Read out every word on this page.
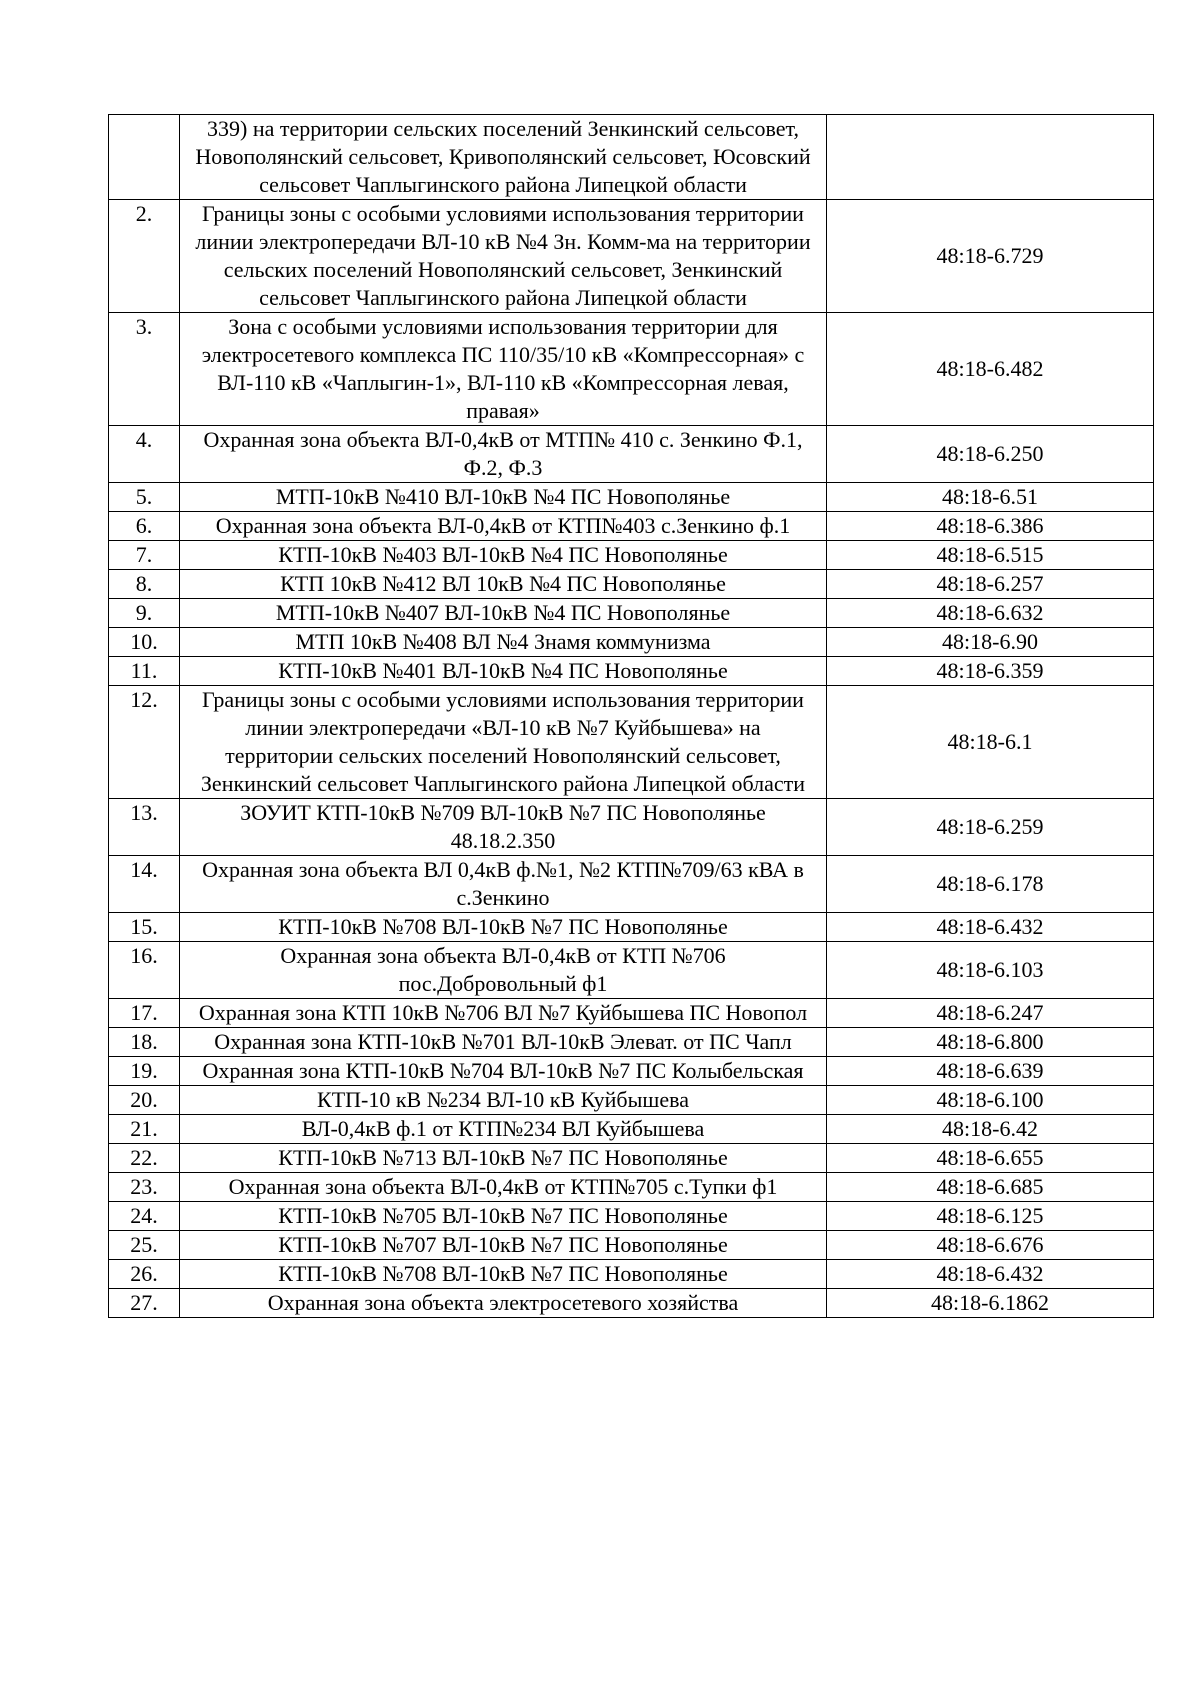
	339) на территории сельских поселений Зенкинский сельсовет, Новополянский сельсовет, Кривополянский сельсовет, Юсовский сельсовет Чаплыгинского района Липецкой области	
2.	Границы зоны с особыми условиями использования территории линии электропередачи ВЛ-10 кВ №4 Зн. Комм-ма на территории сельских поселений Новополянский сельсовет, Зенкинский сельсовет Чаплыгинского района Липецкой области	48:18-6.729
3.	Зона с особыми условиями использования территории для электросетевого комплекса ПС 110/35/10 кВ «Компрессорная» с ВЛ-110 кВ «Чаплыгин-1», ВЛ-110 кВ «Компрессорная левая, правая»	48:18-6.482
4.	Охранная зона объекта ВЛ-0,4кВ от МТП№ 410 с. Зенкино Ф.1, Ф.2, Ф.3	48:18-6.250
5.	МТП-10кВ №410 ВЛ-10кВ №4 ПС Новополянье	48:18-6.51
6.	Охранная зона объекта ВЛ-0,4кВ от КТП№403 с.Зенкино ф.1	48:18-6.386
7.	КТП-10кВ №403 ВЛ-10кВ №4 ПС Новополянье	48:18-6.515
8.	КТП 10кВ №412 ВЛ 10кВ №4 ПС Новополянье	48:18-6.257
9.	МТП-10кВ №407 ВЛ-10кВ №4 ПС Новополянье	48:18-6.632
10.	МТП 10кВ №408 ВЛ №4 Знамя коммунизма	48:18-6.90
11.	КТП-10кВ №401 ВЛ-10кВ №4 ПС Новополянье	48:18-6.359
12.	Границы зоны с особыми условиями использования территории линии электропередачи «ВЛ-10 кВ №7 Куйбышева» на территории сельских поселений Новополянский сельсовет, Зенкинский сельсовет Чаплыгинского района Липецкой области	48:18-6.1
13.	ЗОУИТ КТП-10кВ №709 ВЛ-10кВ №7 ПС Новополянье 48.18.2.350	48:18-6.259
14.	Охранная зона объекта ВЛ 0,4кВ ф.№1, №2 КТП№709/63 кВА в с.Зенкино	48:18-6.178
15.	КТП-10кВ №708 ВЛ-10кВ №7 ПС Новополянье	48:18-6.432
16.	Охранная зона объекта ВЛ-0,4кВ от КТП №706 пос.Добровольный ф1	48:18-6.103
17.	Охранная зона КТП 10кВ №706 ВЛ №7 Куйбышева ПС Новопол	48:18-6.247
18.	Охранная зона КТП-10кВ №701 ВЛ-10кВ Элеват. от ПС Чапл	48:18-6.800
19.	Охранная зона КТП-10кВ №704 ВЛ-10кВ №7 ПС Колыбельская	48:18-6.639
20.	КТП-10 кВ №234 ВЛ-10 кВ Куйбышева	48:18-6.100
21.	ВЛ-0,4кВ ф.1 от КТП№234 ВЛ Куйбышева	48:18-6.42
22.	КТП-10кВ №713 ВЛ-10кВ №7 ПС Новополянье	48:18-6.655
23.	Охранная зона объекта ВЛ-0,4кВ от КТП№705 с.Тупки ф1	48:18-6.685
24.	КТП-10кВ №705 ВЛ-10кВ №7 ПС Новополянье	48:18-6.125
25.	КТП-10кВ №707 ВЛ-10кВ №7 ПС Новополянье	48:18-6.676
26.	КТП-10кВ №708 ВЛ-10кВ №7 ПС Новополянье	48:18-6.432
27.	Охранная зона объекта электросетевого хозяйства	48:18-6.1862
